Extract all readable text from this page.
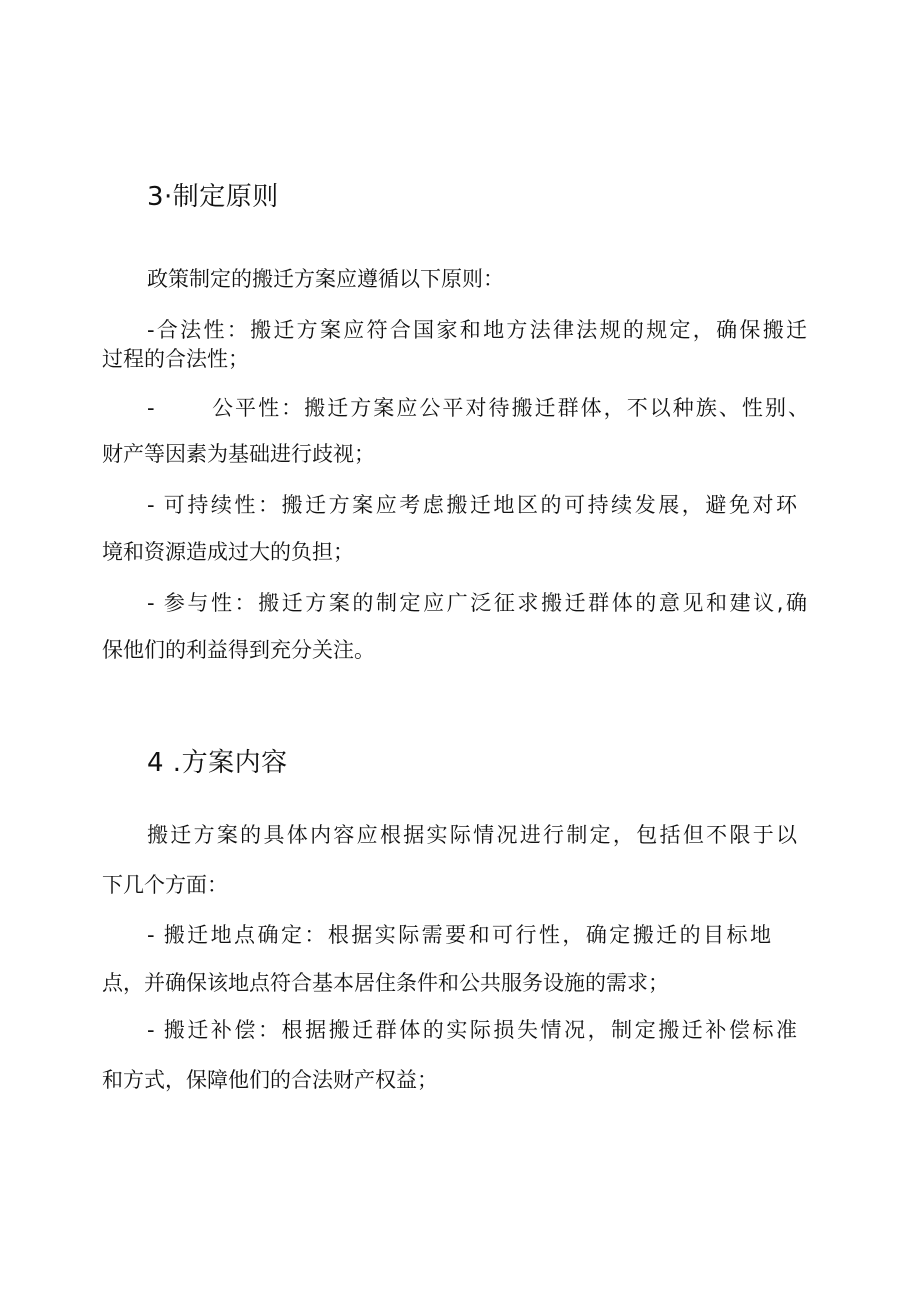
3·制定原则

政策制定的搬迁方案应遵循以下原则：

-合法性：搬迁方案应符合国家和地方法律法规的规定，确保搬迁

过程的合法性；

-	公平性：搬迁方案应公平对待搬迁群体，不以种族、性别、

财产等因素为基础进行歧视；

- 可持续性：搬迁方案应考虑搬迁地区的可持续发展，避免对环

境和资源造成过大的负担；

- 参与性：搬迁方案的制定应广泛征求搬迁群体的意见和建议,确

保他们的利益得到充分关注。

4 .方案内容

搬迁方案的具体内容应根据实际情况进行制定，包括但不限于以

下几个方面：

- 搬迁地点确定：根据实际需要和可行性，确定搬迁的目标地

点，并确保该地点符合基本居住条件和公共服务设施的需求；

- 搬迁补偿：根据搬迁群体的实际损失情况，制定搬迁补偿标准

和方式，保障他们的合法财产权益；
